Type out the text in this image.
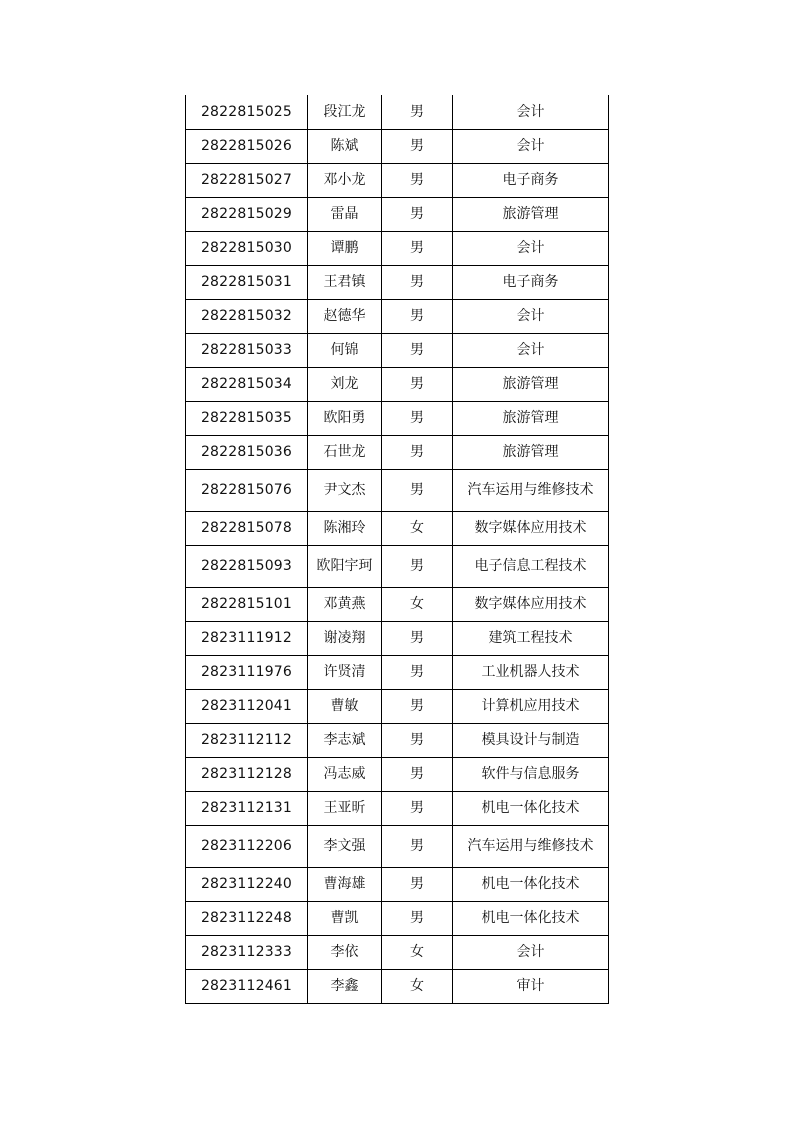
2822815025	段江龙	男	会计
2822815026	陈斌	男	会计
2822815027	邓小龙	男	电子商务
2822815029	雷晶	男	旅游管理
2822815030	谭鹏	男	会计
2822815031	王君镇	男	电子商务
2822815032	赵德华	男	会计
2822815033	何锦	男	会计
2822815034	刘龙	男	旅游管理
2822815035	欧阳勇	男	旅游管理
2822815036	石世龙	男	旅游管理
2822815076	尹文杰	男	汽车运用与维修技术
2822815078	陈湘玲	女	数字媒体应用技术
2822815093	欧阳宇珂	男	电子信息工程技术
2822815101	邓黄燕	女	数字媒体应用技术
2823111912	谢凌翔	男	建筑工程技术
2823111976	许贤清	男	工业机器人技术
2823112041	曹敏	男	计算机应用技术
2823112112	李志斌	男	模具设计与制造
2823112128	冯志威	男	软件与信息服务
2823112131	王亚昕	男	机电一体化技术
2823112206	李文强	男	汽车运用与维修技术
2823112240	曹海雄	男	机电一体化技术
2823112248	曹凯	男	机电一体化技术
2823112333	李依	女	会计
2823112461	李鑫	女	审计
